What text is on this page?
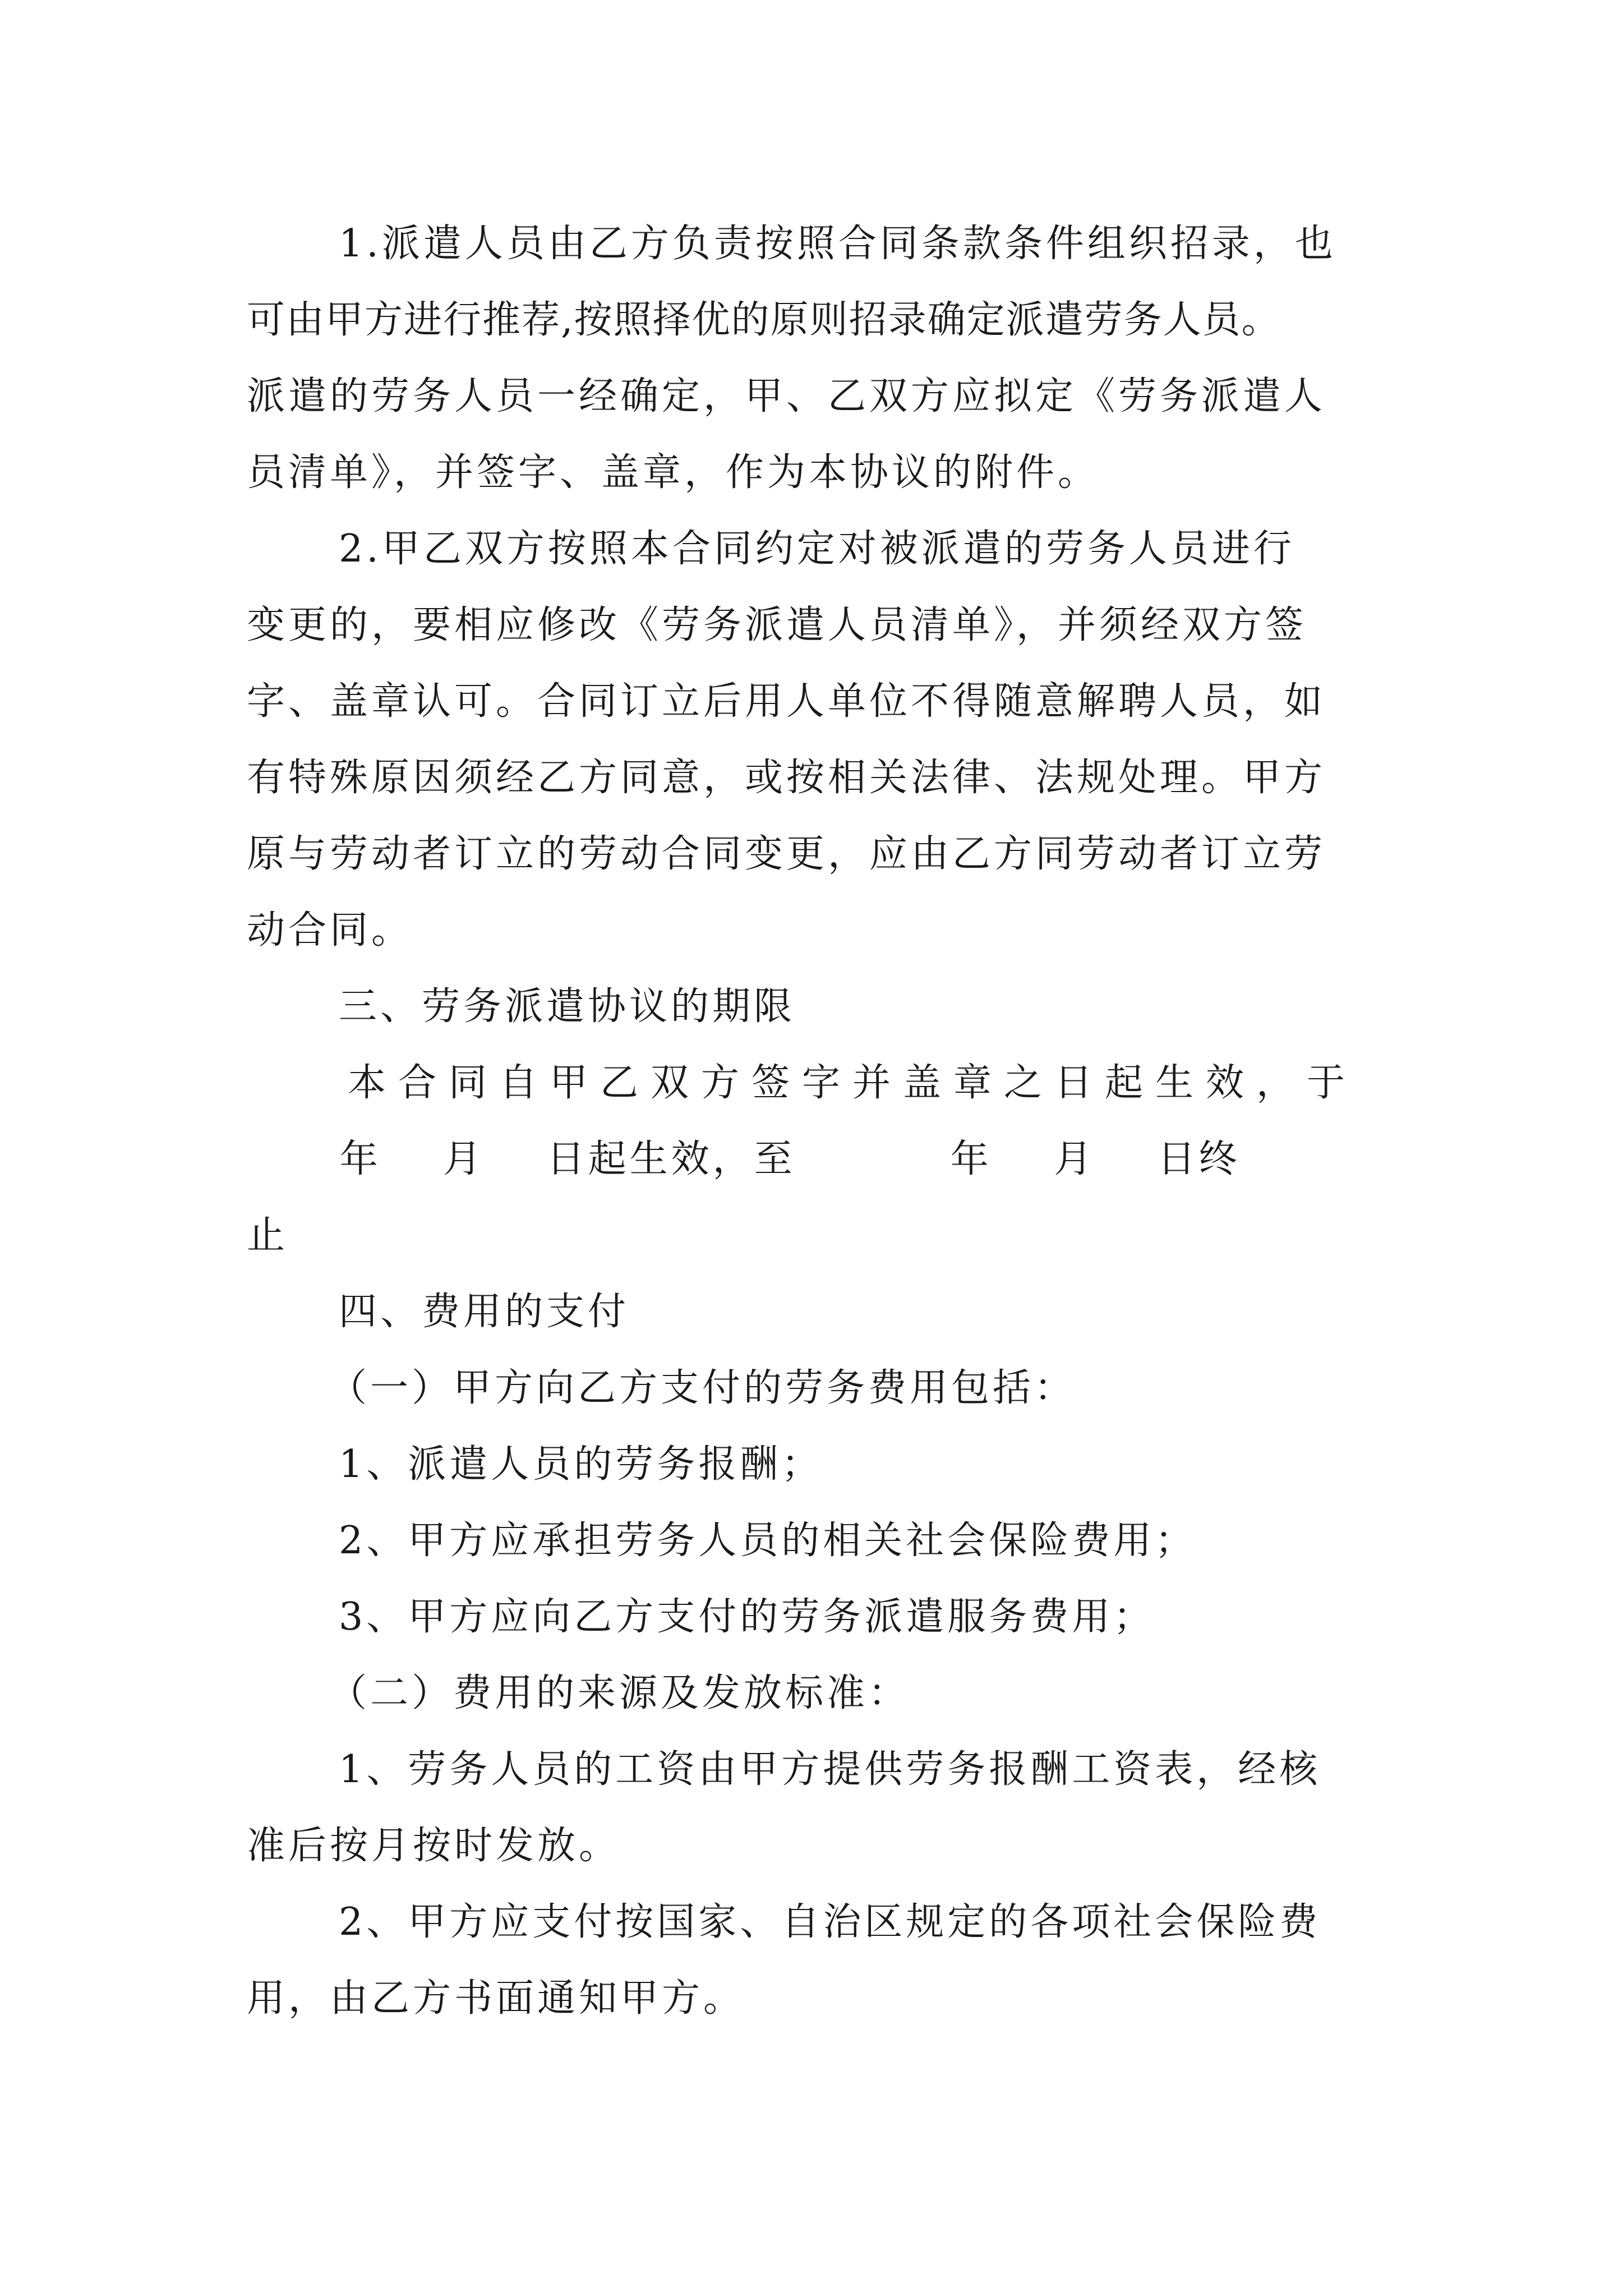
1.派遣人员由乙方负责按照合同条款条件组织招录，也
可由甲方进行推荐,按照择优的原则招录确定派遣劳务人员。
派遣的劳务人员一经确定，甲、乙双方应拟定《劳务派遣人
员清单》，并签字、盖章，作为本协议的附件。
2.甲乙双方按照本合同约定对被派遣的劳务人员进行
变更的，要相应修改《劳务派遣人员清单》，并须经双方签
字、盖章认可。合同订立后用人单位不得随意解聘人员，如
有特殊原因须经乙方同意，或按相关法律、法规处理。甲方
原与劳动者订立的劳动合同变更，应由乙方同劳动者订立劳
动合同。
三、劳务派遣协议的期限
本合同自甲乙双方签字并盖章之日起生效，于
年    月    日起生效，至          年    月    日终
止
四、费用的支付
（一）甲方向乙方支付的劳务费用包括：
1、派遣人员的劳务报酬；
2、甲方应承担劳务人员的相关社会保险费用；
3、甲方应向乙方支付的劳务派遣服务费用；
（二）费用的来源及发放标准：
1、劳务人员的工资由甲方提供劳务报酬工资表，经核
准后按月按时发放。
2、甲方应支付按国家、自治区规定的各项社会保险费
用，由乙方书面通知甲方。
